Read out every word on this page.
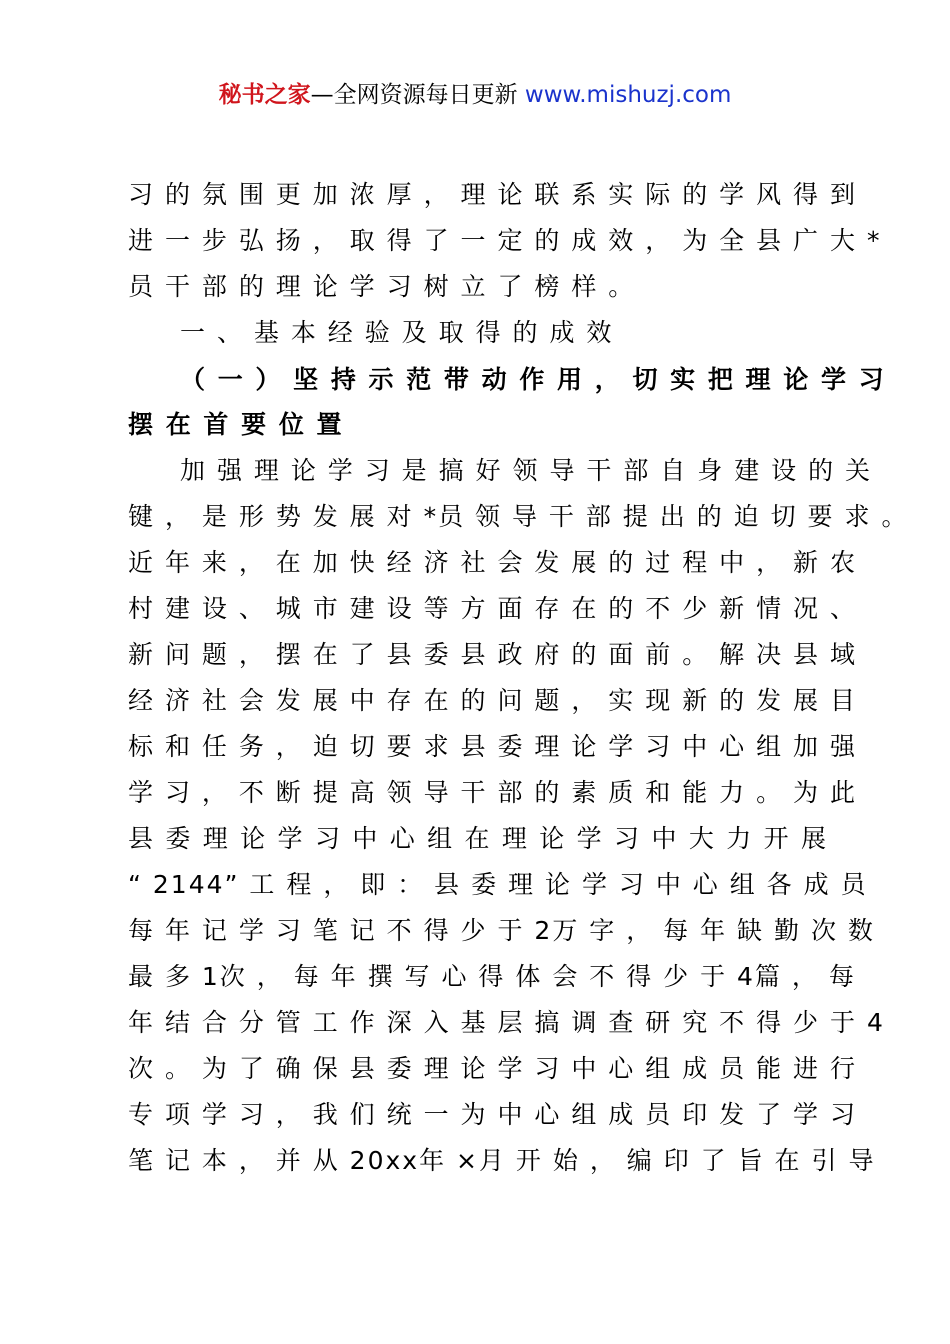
秘书之家—全网资源每日更新 www.mishuzj.com
习 的 氛 围 更 加 浓 厚 ， 理 论 联 系 实 际 的 学 风 得 到
进 一 步 弘 扬 ， 取 得 了 一 定 的 成 效 ， 为 全 县 广 大 *
员 干 部 的 理 论 学 习 树 立 了 榜 样 。
一 、 基 本 经 验 及 取 得 的 成 效
（ 一 ） 坚 持 示 范 带 动 作 用 ， 切 实 把 理 论 学 习
摆 在 首 要 位 置
加 强 理 论 学 习 是 搞 好 领 导 干 部 自 身 建 设 的 关
键 ， 是 形 势 发 展 对 *员 领 导 干 部 提 出 的 迫 切 要 求 。
近 年 来 ， 在 加 快 经 济 社 会 发 展 的 过 程 中 ， 新 农
村 建 设 、 城 市 建 设 等 方 面 存 在 的 不 少 新 情 况 、
新 问 题 ， 摆 在 了 县 委 县 政 府 的 面 前 。 解 决 县 域
经 济 社 会 发 展 中 存 在 的 问 题 ， 实 现 新 的 发 展 目
标 和 任 务 ， 迫 切 要 求 县 委 理 论 学 习 中 心 组 加 强
学 习 ， 不 断 提 高 领 导 干 部 的 素 质 和 能 力 。 为 此
县 委 理 论 学 习 中 心 组 在 理 论 学 习 中 大 力 开 展
“ 2144” 工 程 ， 即 ： 县 委 理 论 学 习 中 心 组 各 成 员
每 年 记 学 习 笔 记 不 得 少 于 2万 字 ， 每 年 缺 勤 次 数
最 多 1次 ， 每 年 撰 写 心 得 体 会 不 得 少 于 4篇 ， 每
年 结 合 分 管 工 作 深 入 基 层 搞 调 查 研 究 不 得 少 于 4
次 。 为 了 确 保 县 委 理 论 学 习 中 心 组 成 员 能 进 行
专 项 学 习 ， 我 们 统 一 为 中 心 组 成 员 印 发 了 学 习
笔 记 本 ， 并 从 20xx年 ×月 开 始 ， 编 印 了 旨 在 引 导
